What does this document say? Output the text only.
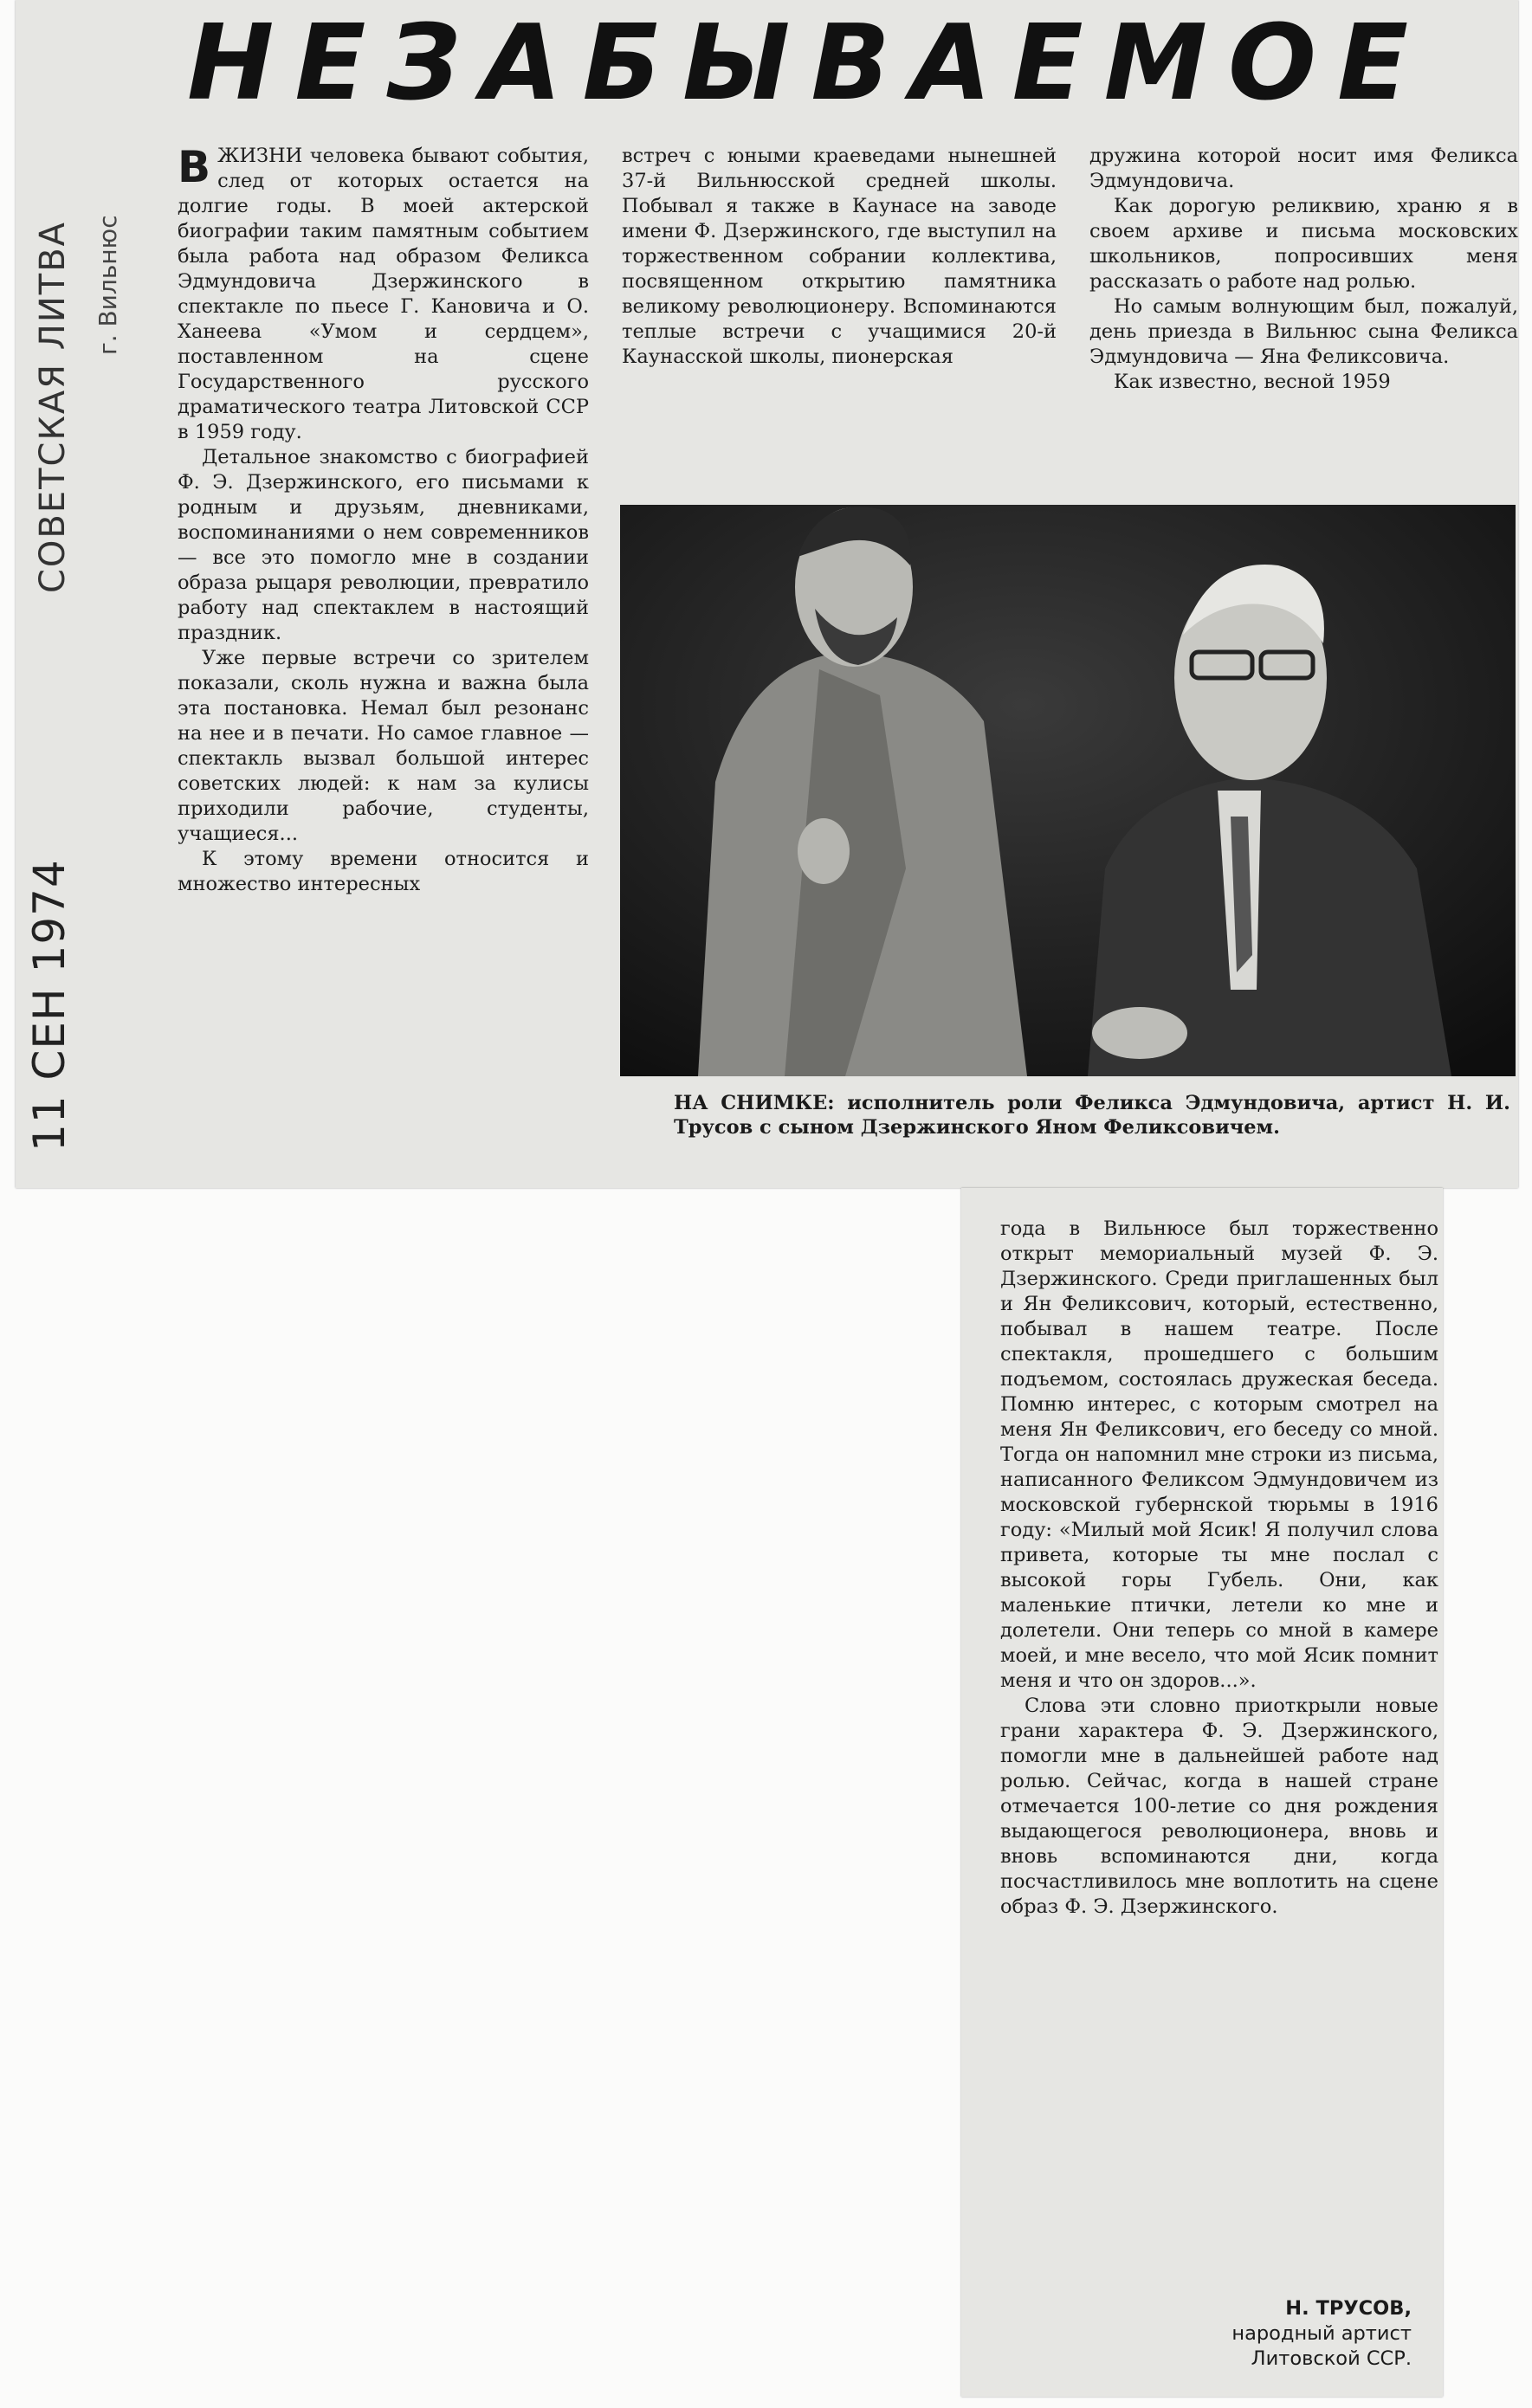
НЕЗАБЫВАЕМОЕ
СОВЕТСКАЯ ЛИТВА г. Вильнюс
11 СЕН 1974

ВЖИЗНИ человека бывают события, след от которых остается на долгие годы. В моей актерской биографии таким памятным событием была работа над образом Феликса Эдмундовича Дзержинского в спектакле по пьесе Г. Кановича и О. Ханеева «Умом и сердцем», поставленном на сцене Государственного русского драматического театра Литовской ССР в 1959 году.

Детальное знакомство с биографией Ф. Э. Дзержинского, его письмами к родным и друзьям, дневниками, воспоминаниями о нем современников — все это помогло мне в создании образа рыцаря революции, превратило работу над спектаклем в настоящий праздник.

Уже первые встречи со зрителем показали, сколь нужна и важна была эта постановка. Немал был резонанс на нее и в печати. Но самое главное — спектакль вызвал большой интерес советских людей: к нам за кулисы приходили рабочие, студенты, учащиеся...

К этому времени относится и множество интересных

встреч с юными краеведами нынешней 37-й Вильнюсской средней школы. Побывал я также в Каунасе на заводе имени Ф. Дзержинского, где выступил на торжественном собрании коллектива, посвященном открытию памятника великому революционеру. Вспоминаются теплые встречи с учащимися 20-й Каунасской школы, пионерская

дружина которой носит имя Феликса Эдмундовича.

Как дорогую реликвию, храню я в своем архиве и письма московских школьников, попросивших меня рассказать о работе над ролью.

Но самым волнующим был, пожалуй, день приезда в Вильнюс сына Феликса Эдмундовича — Яна Феликсовича.

Как известно, весной 1959

НА СНИМКЕ: исполнитель роли Феликса Эдмундовича, артист Н. И. Трусов с сыном Дзержинского Яном Феликсовичем.

года в Вильнюсе был торжественно открыт мемориальный музей Ф. Э. Дзержинского. Среди приглашенных был и Ян Феликсович, который, естественно, побывал в нашем театре. После спектакля, прошедшего с большим подъемом, состоялась дружеская беседа. Помню интерес, с которым смотрел на меня Ян Феликсович, его беседу со мной. Тогда он напомнил мне строки из письма, написанного Феликсом Эдмундовичем из московской губернской тюрьмы в 1916 году: «Милый мой Ясик! Я получил слова привета, которые ты мне послал с высокой горы Губель. Они, как маленькие птички, летели ко мне и долетели. Они теперь со мной в камере моей, и мне весело, что мой Ясик помнит меня и что он здоров...».

Слова эти словно приоткрыли новые грани характера Ф. Э. Дзержинского, помогли мне в дальнейшей работе над ролью. Сейчас, когда в нашей стране отмечается 100-летие со дня рождения выдающегося революционера, вновь и вновь вспоминаются дни, когда посчастливилось мне воплотить на сцене образ Ф. Э. Дзержинского.

Н. ТРУСОВ,
народный артист
Литовской ССР.
